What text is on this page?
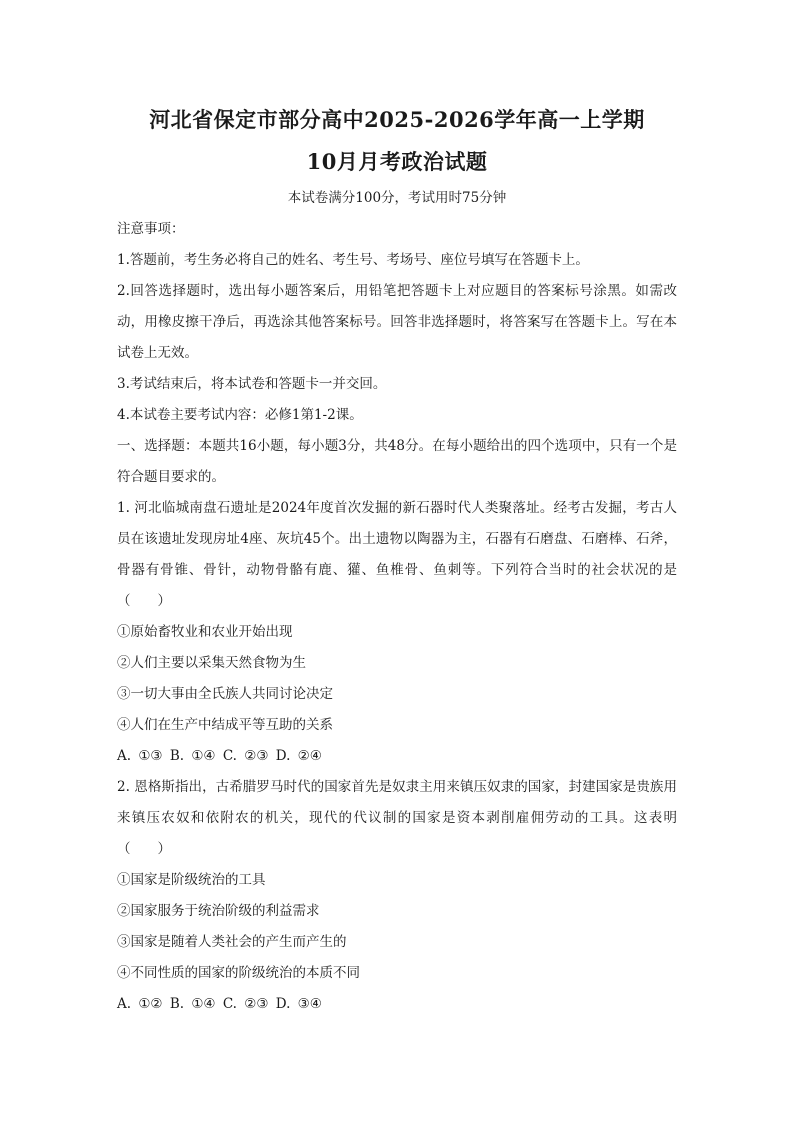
河北省保定市部分高中2025-2026学年高一上学期
10月月考政治试题
本试卷满分100分，考试用时75分钟

注意事项：

1.答题前，考生务必将自己的姓名、考生号、考场号、座位号填写在答题卡上。

2.回答选择题时，选出每小题答案后，用铅笔把答题卡上对应题目的答案标号涂黑。如需改动，用橡皮擦干净后，再选涂其他答案标号。回答非选择题时，将答案写在答题卡上。写在本试卷上无效。

3.考试结束后，将本试卷和答题卡一并交回。

4.本试卷主要考试内容：必修1第1-2课。

一、选择题：本题共16小题，每小题3分，共48分。在每小题给出的四个选项中，只有一个是符合题目要求的。

1. 河北临城南盘石遗址是2024年度首次发掘的新石器时代人类聚落址。经考古发掘，考古人员在该遗址发现房址4座、灰坑45个。出土遗物以陶器为主，石器有石磨盘、石磨棒、石斧，骨器有骨锥、骨针，动物骨骼有鹿、獾、鱼椎骨、鱼刺等。下列符合当时的社会状况的是（　　）

①原始畜牧业和农业开始出现

②人们主要以采集天然食物为生

③一切大事由全氏族人共同讨论决定

④人们在生产中结成平等互助的关系

A. ①③ B. ①④ C. ②③ D. ②④

2. 恩格斯指出，古希腊罗马时代的国家首先是奴隶主用来镇压奴隶的国家，封建国家是贵族用来镇压农奴和依附农的机关，现代的代议制的国家是资本剥削雇佣劳动的工具。这表明（　　）

①国家是阶级统治的工具

②国家服务于统治阶级的利益需求

③国家是随着人类社会的产生而产生的

④不同性质的国家的阶级统治的本质不同

A. ①② B. ①④ C. ②③ D. ③④
